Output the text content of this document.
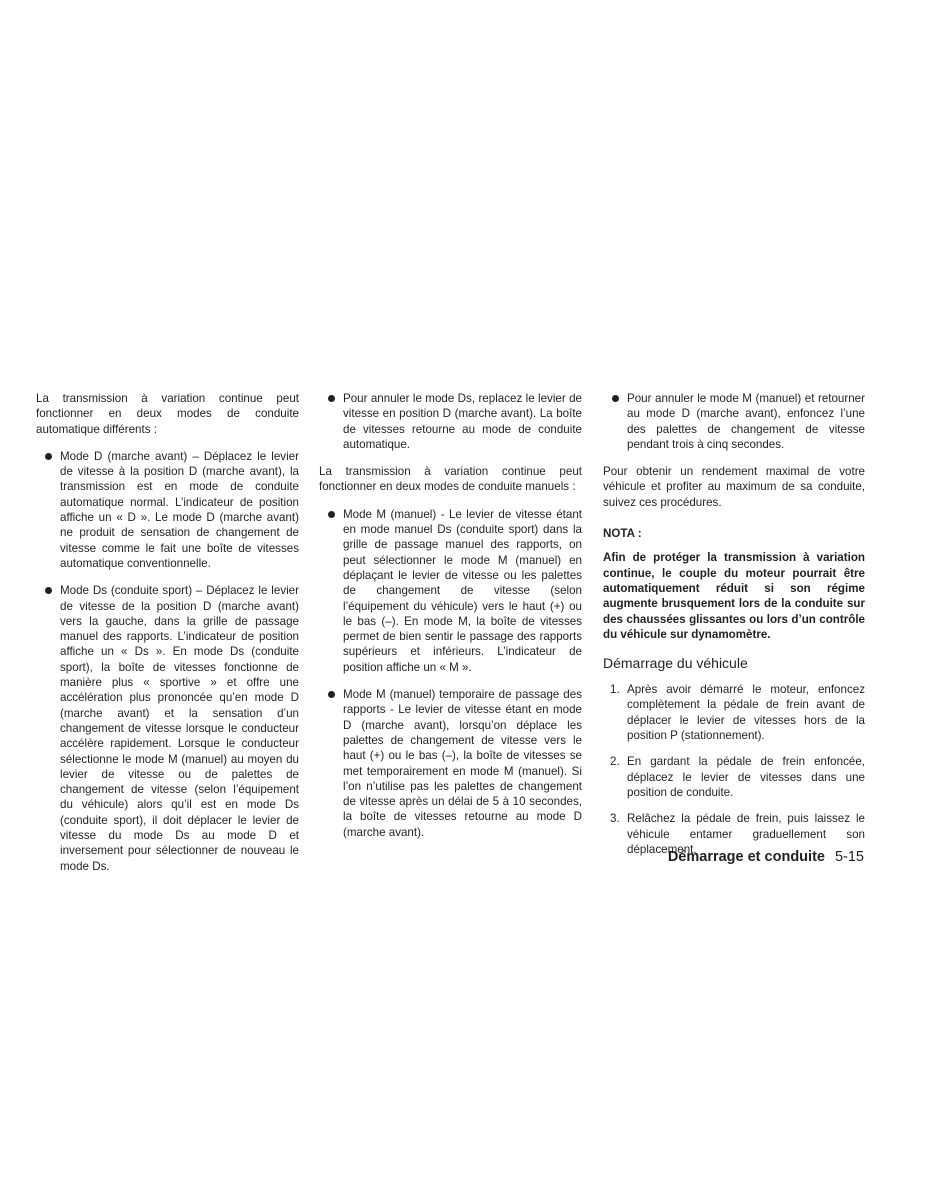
La transmission à variation continue peut fonctionner en deux modes de conduite automatique différents :

Mode D (marche avant) – Déplacez le levier de vitesse à la position D (marche avant), la transmission est en mode de conduite automatique normal. L’indicateur de position affiche un « D ». Le mode D (marche avant) ne produit de sensation de changement de vitesse comme le fait une boîte de vitesses automatique conventionnelle.
Mode Ds (conduite sport) – Déplacez le levier de vitesse de la position D (marche avant) vers la gauche, dans la grille de passage manuel des rapports. L’indicateur de position affiche un « Ds ». En mode Ds (conduite sport), la boîte de vitesses fonctionne de manière plus « sportive » et offre une accélération plus prononcée qu’en mode D (marche avant) et la sensation d’un changement de vitesse lorsque le conducteur accélère rapidement. Lorsque le conducteur sélectionne le mode M (manuel) au moyen du levier de vitesse ou de palettes de changement de vitesse (selon l’équipement du véhicule) alors qu’il est en mode Ds (conduite sport), il doit déplacer le levier de vitesse du mode Ds au mode D et inversement pour sélectionner de nouveau le mode Ds.
Pour annuler le mode Ds, replacez le levier de vitesse en position D (marche avant). La boîte de vitesses retourne au mode de conduite automatique.

La transmission à variation continue peut fonctionner en deux modes de conduite manuels :

Mode M (manuel) - Le levier de vitesse étant en mode manuel Ds (conduite sport) dans la grille de passage manuel des rapports, on peut sélectionner le mode M (manuel) en déplaçant le levier de vitesse ou les palettes de changement de vitesse (selon l’équipement du véhicule) vers le haut (+) ou le bas (–). En mode M, la boîte de vitesses permet de bien sentir le passage des rapports supérieurs et inférieurs. L’indicateur de position affiche un « M ».
Mode M (manuel) temporaire de passage des rapports - Le levier de vitesse étant en mode D (marche avant), lorsqu’on déplace les palettes de changement de vitesse vers le haut (+) ou le bas (–), la boîte de vitesses se met temporairement en mode M (manuel). Si l’on n’utilise pas les palettes de changement de vitesse après un délai de 5 à 10 secondes, la boîte de vitesses retourne au mode D (marche avant).
Pour annuler le mode M (manuel) et retourner au mode D (marche avant), enfoncez l’une des palettes de changement de vitesse pendant trois à cinq secondes.

Pour obtenir un rendement maximal de votre véhicule et profiter au maximum de sa conduite, suivez ces procédures.

NOTA :

Afin de protéger la transmission à variation continue, le couple du moteur pourrait être automatiquement réduit si son régime augmente brusquement lors de la conduite sur des chaussées glissantes ou lors d’un contrôle du véhicule sur dynamomètre.

Démarrage du véhicule
1. Après avoir démarré le moteur, enfoncez complètement la pédale de frein avant de déplacer le levier de vitesses hors de la position P (stationnement).
2. En gardant la pédale de frein enfoncée, déplacez le levier de vitesses dans une position de conduite.
3. Relâchez la pédale de frein, puis laissez le véhicule entamer graduellement son déplacement.
Démarrage et conduite 5-15
